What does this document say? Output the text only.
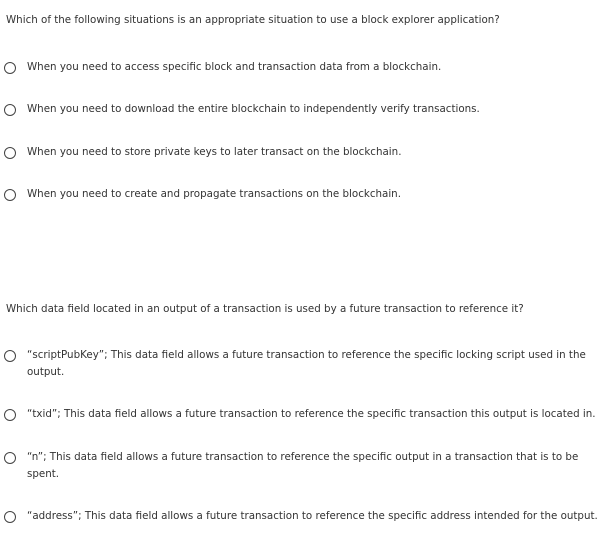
Which of the following situations is an appropriate situation to use a block explorer application?
When you need to access specific block and transaction data from a blockchain.
When you need to download the entire blockchain to independently verify transactions.
When you need to store private keys to later transact on the blockchain.
When you need to create and propagate transactions on the blockchain.
Which data field located in an output of a transaction is used by a future transaction to reference it?
“scriptPubKey”; This data field allows a future transaction to reference the specific locking script used in the output.
“txid”; This data field allows a future transaction to reference the specific transaction this output is located in.
“n”; This data field allows a future transaction to reference the specific output in a transaction that is to be spent.
“address”; This data field allows a future transaction to reference the specific address intended for the output.
